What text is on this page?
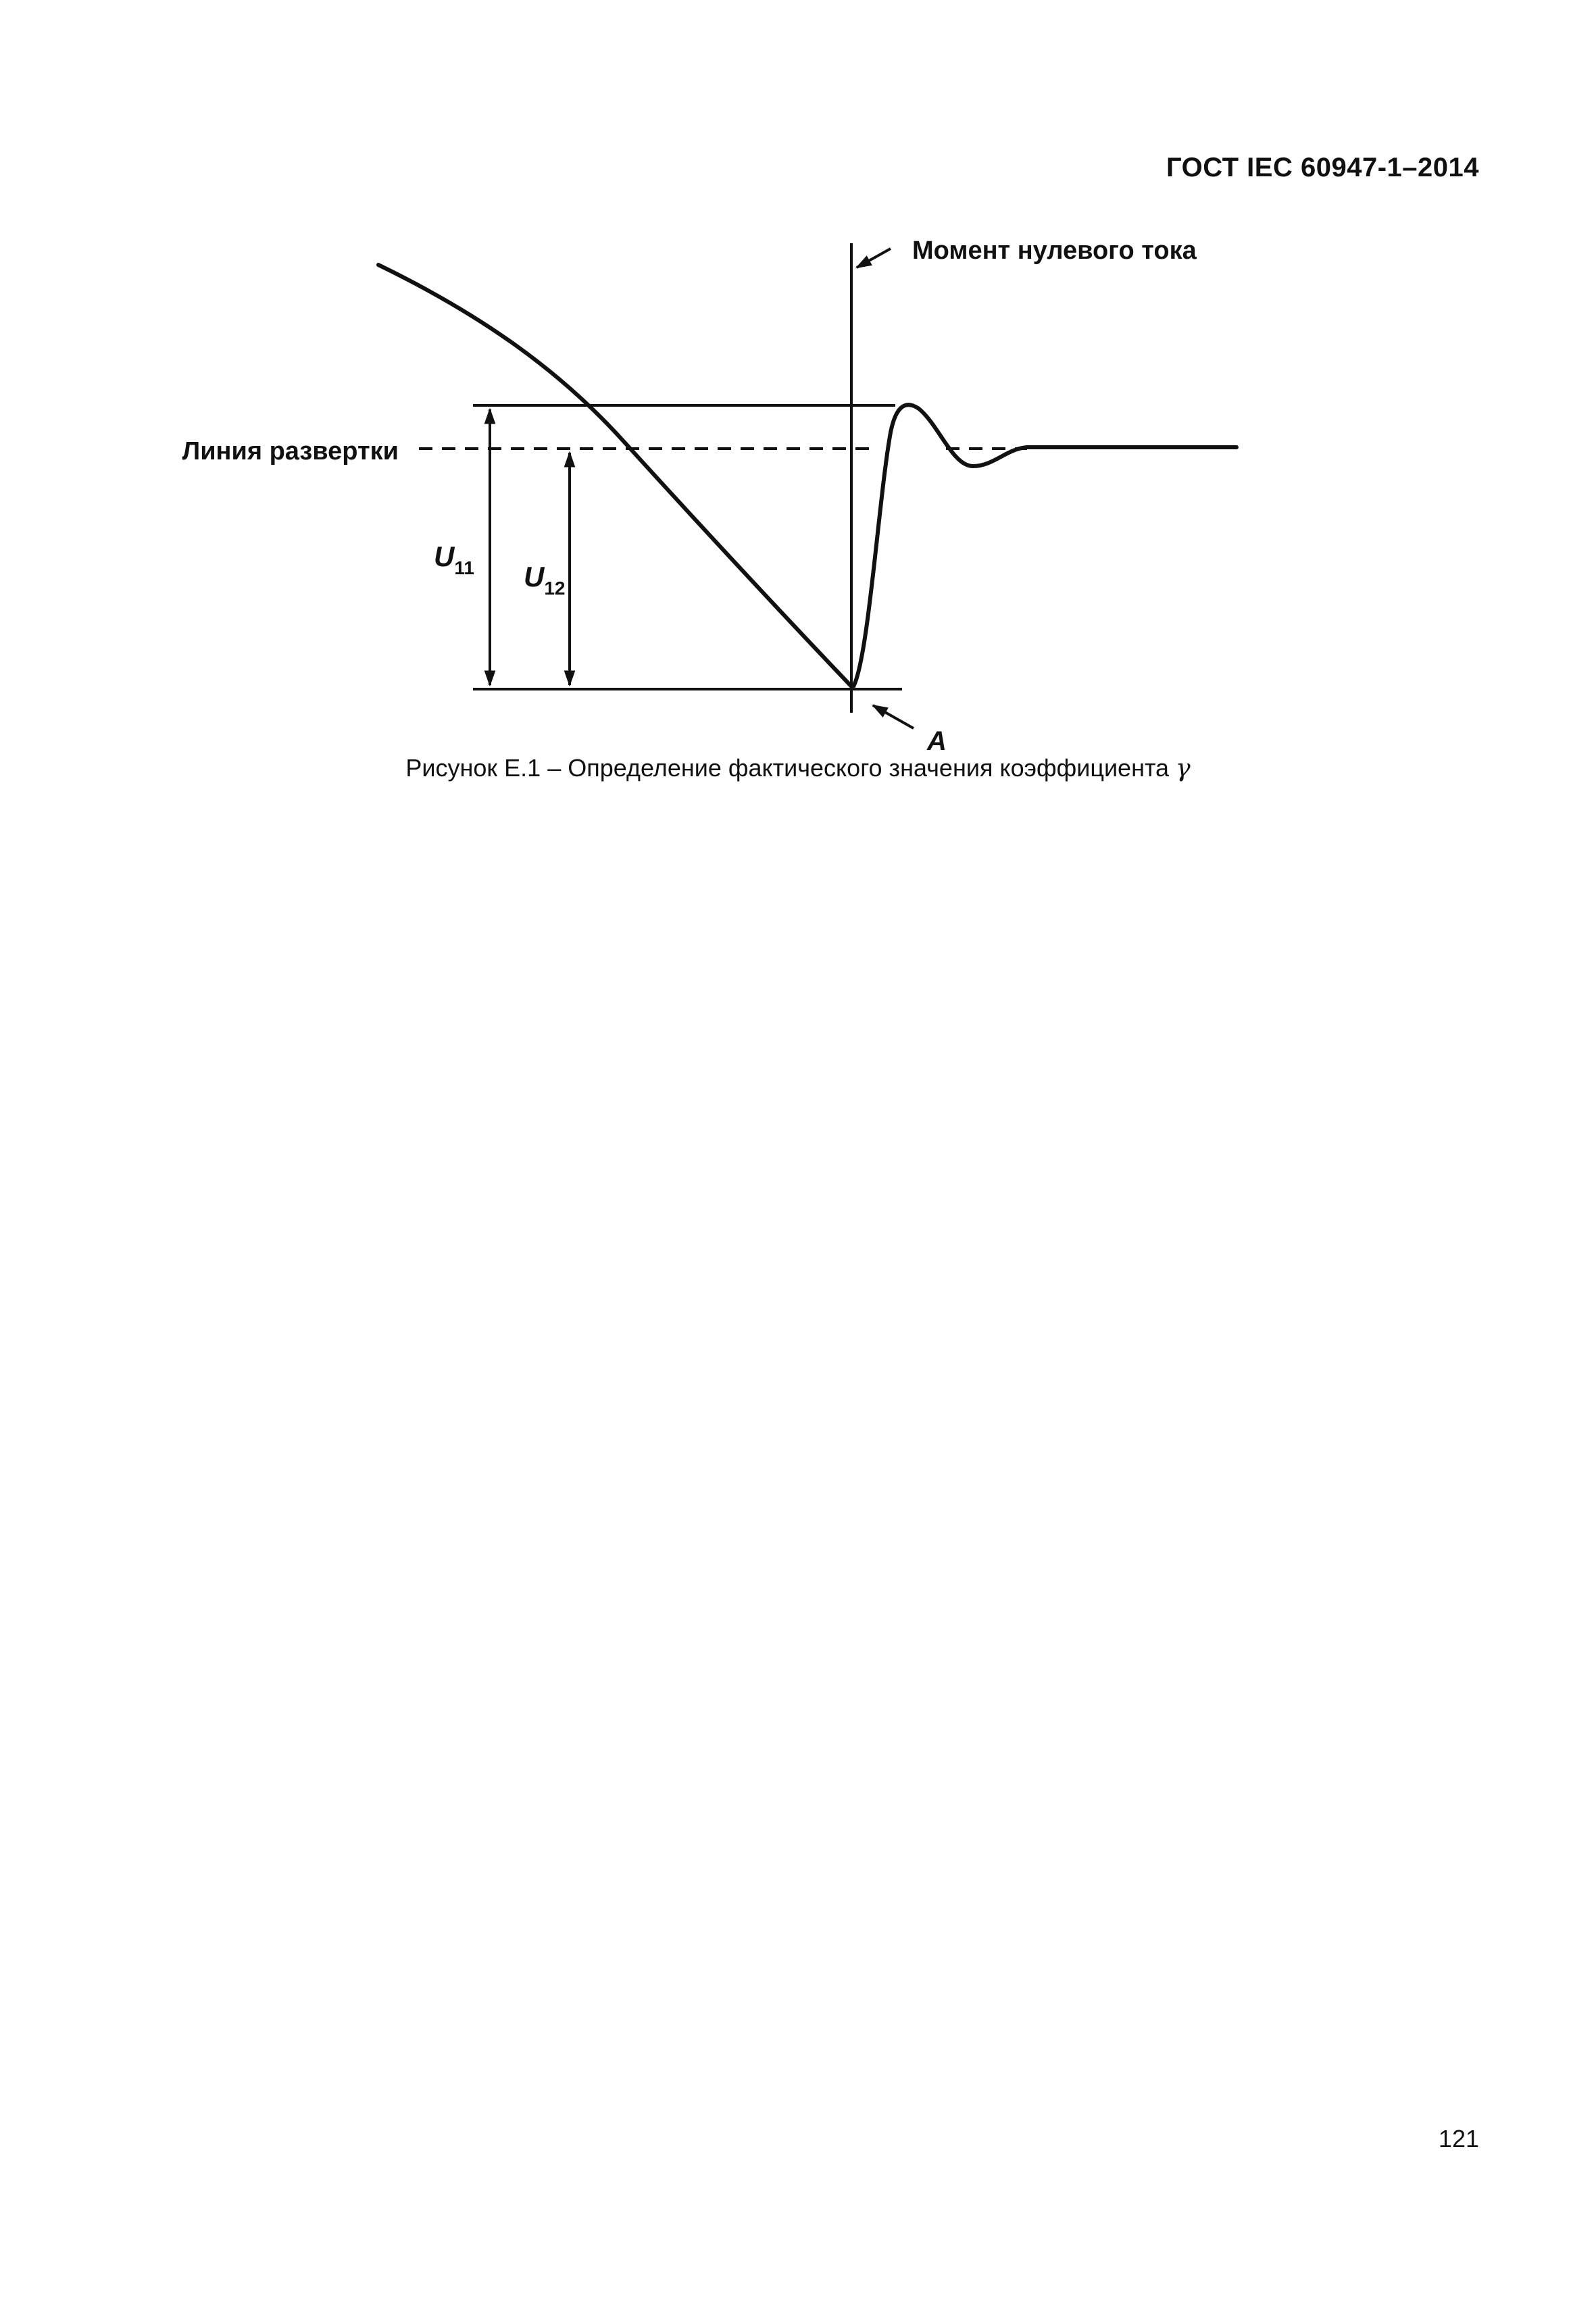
ГОСТ IEC 60947-1–2014
Момент нулевого тока
Линия развертки
$U_{11}$ $U_{12}$
A
Рисунок Е.1 – Определение фактического значения коэффициента γ
121
